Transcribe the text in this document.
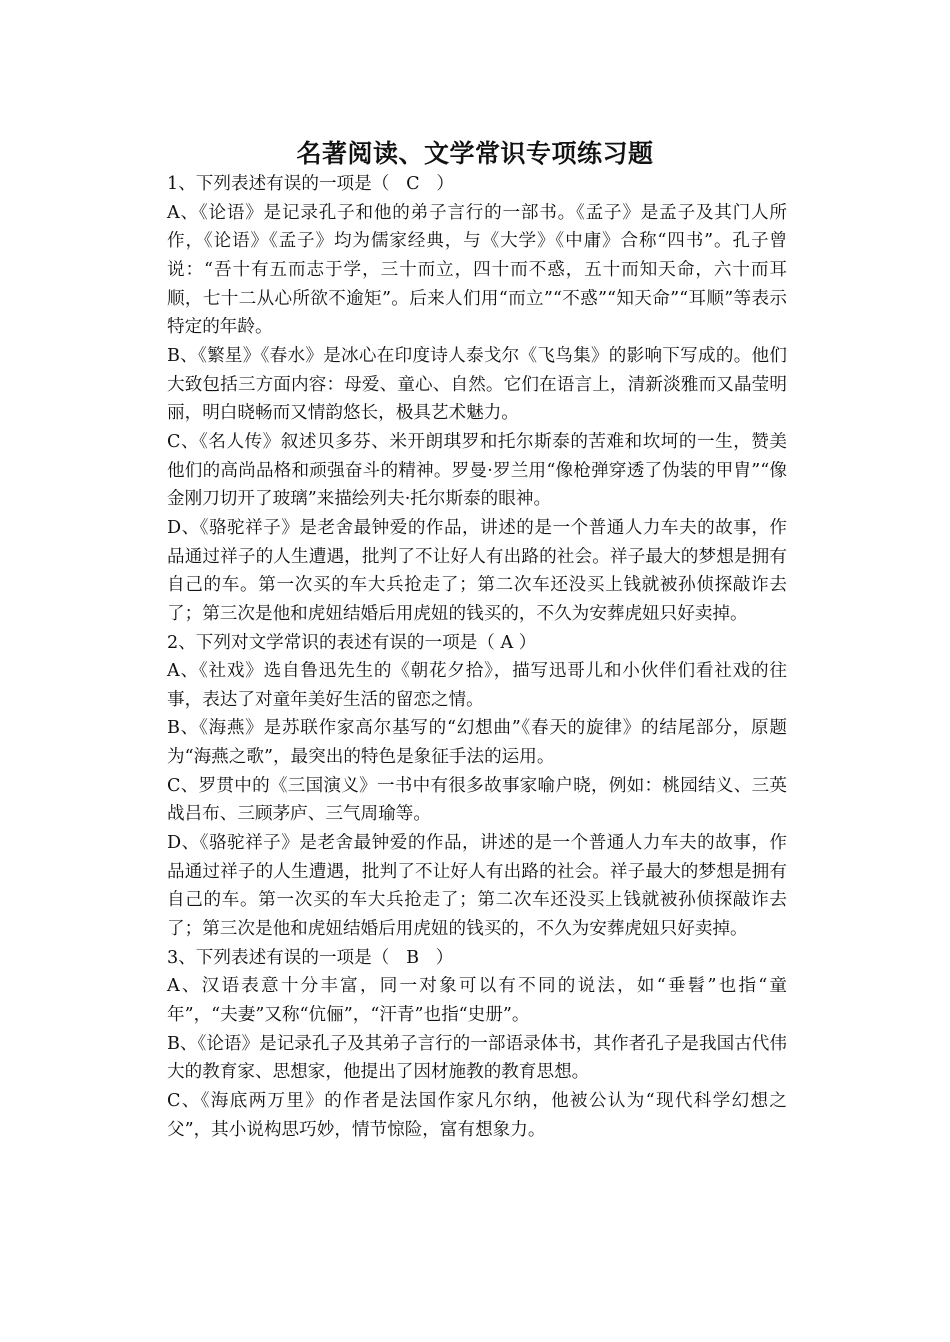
名著阅读、文学常识专项练习题

1、下列表述有误的一项是（   C   ）

A、《论语》是记录孔子和他的弟子言行的一部书。《孟子》是孟子及其门人所作，《论语》《孟子》均为儒家经典，与《大学》《中庸》合称“四书”。孔子曾说：“吾十有五而志于学，三十而立，四十而不惑，五十而知天命，六十而耳顺，七十二从心所欲不逾矩”。后来人们用“而立”“不惑”“知天命”“耳顺”等表示特定的年龄。

B、《繁星》《春水》是冰心在印度诗人泰戈尔《飞鸟集》的影响下写成的。他们大致包括三方面内容：母爱、童心、自然。它们在语言上，清新淡雅而又晶莹明丽，明白晓畅而又情韵悠长，极具艺术魅力。

C、《名人传》叙述贝多芬、米开朗琪罗和托尔斯泰的苦难和坎坷的一生，赞美他们的高尚品格和顽强奋斗的精神。罗曼·罗兰用“像枪弹穿透了伪装的甲胄”“像金刚刀切开了玻璃”来描绘列夫·托尔斯泰的眼神。

D、《骆驼祥子》是老舍最钟爱的作品，讲述的是一个普通人力车夫的故事，作品通过祥子的人生遭遇，批判了不让好人有出路的社会。祥子最大的梦想是拥有自己的车。第一次买的车大兵抢走了；第二次车还没买上钱就被孙侦探敲诈去了；第三次是他和虎妞结婚后用虎妞的钱买的，不久为安葬虎妞只好卖掉。

2、下列对文学常识的表述有误的一项是（ A ）

A、《社戏》选自鲁迅先生的《朝花夕拾》，描写迅哥儿和小伙伴们看社戏的往事，表达了对童年美好生活的留恋之情。

B、《海燕》是苏联作家高尔基写的“幻想曲”《春天的旋律》的结尾部分，原题为“海燕之歌”，最突出的特色是象征手法的运用。

C、罗贯中的《三国演义》一书中有很多故事家喻户晓，例如：桃园结义、三英战吕布、三顾茅庐、三气周瑜等。

D、《骆驼祥子》是老舍最钟爱的作品，讲述的是一个普通人力车夫的故事，作品通过祥子的人生遭遇，批判了不让好人有出路的社会。祥子最大的梦想是拥有自己的车。第一次买的车大兵抢走了；第二次车还没买上钱就被孙侦探敲诈去了；第三次是他和虎妞结婚后用虎妞的钱买的，不久为安葬虎妞只好卖掉。

3、下列表述有误的一项是（   B   ）

A、汉语表意十分丰富，同一对象可以有不同的说法，如“垂髫”也指“童年”，“夫妻”又称“伉俪”，“汗青”也指“史册”。

B、《论语》是记录孔子及其弟子言行的一部语录体书，其作者孔子是我国古代伟大的教育家、思想家，他提出了因材施教的教育思想。

C、《海底两万里》的作者是法国作家凡尔纳，他被公认为“现代科学幻想之父”，其小说构思巧妙，情节惊险，富有想象力。
